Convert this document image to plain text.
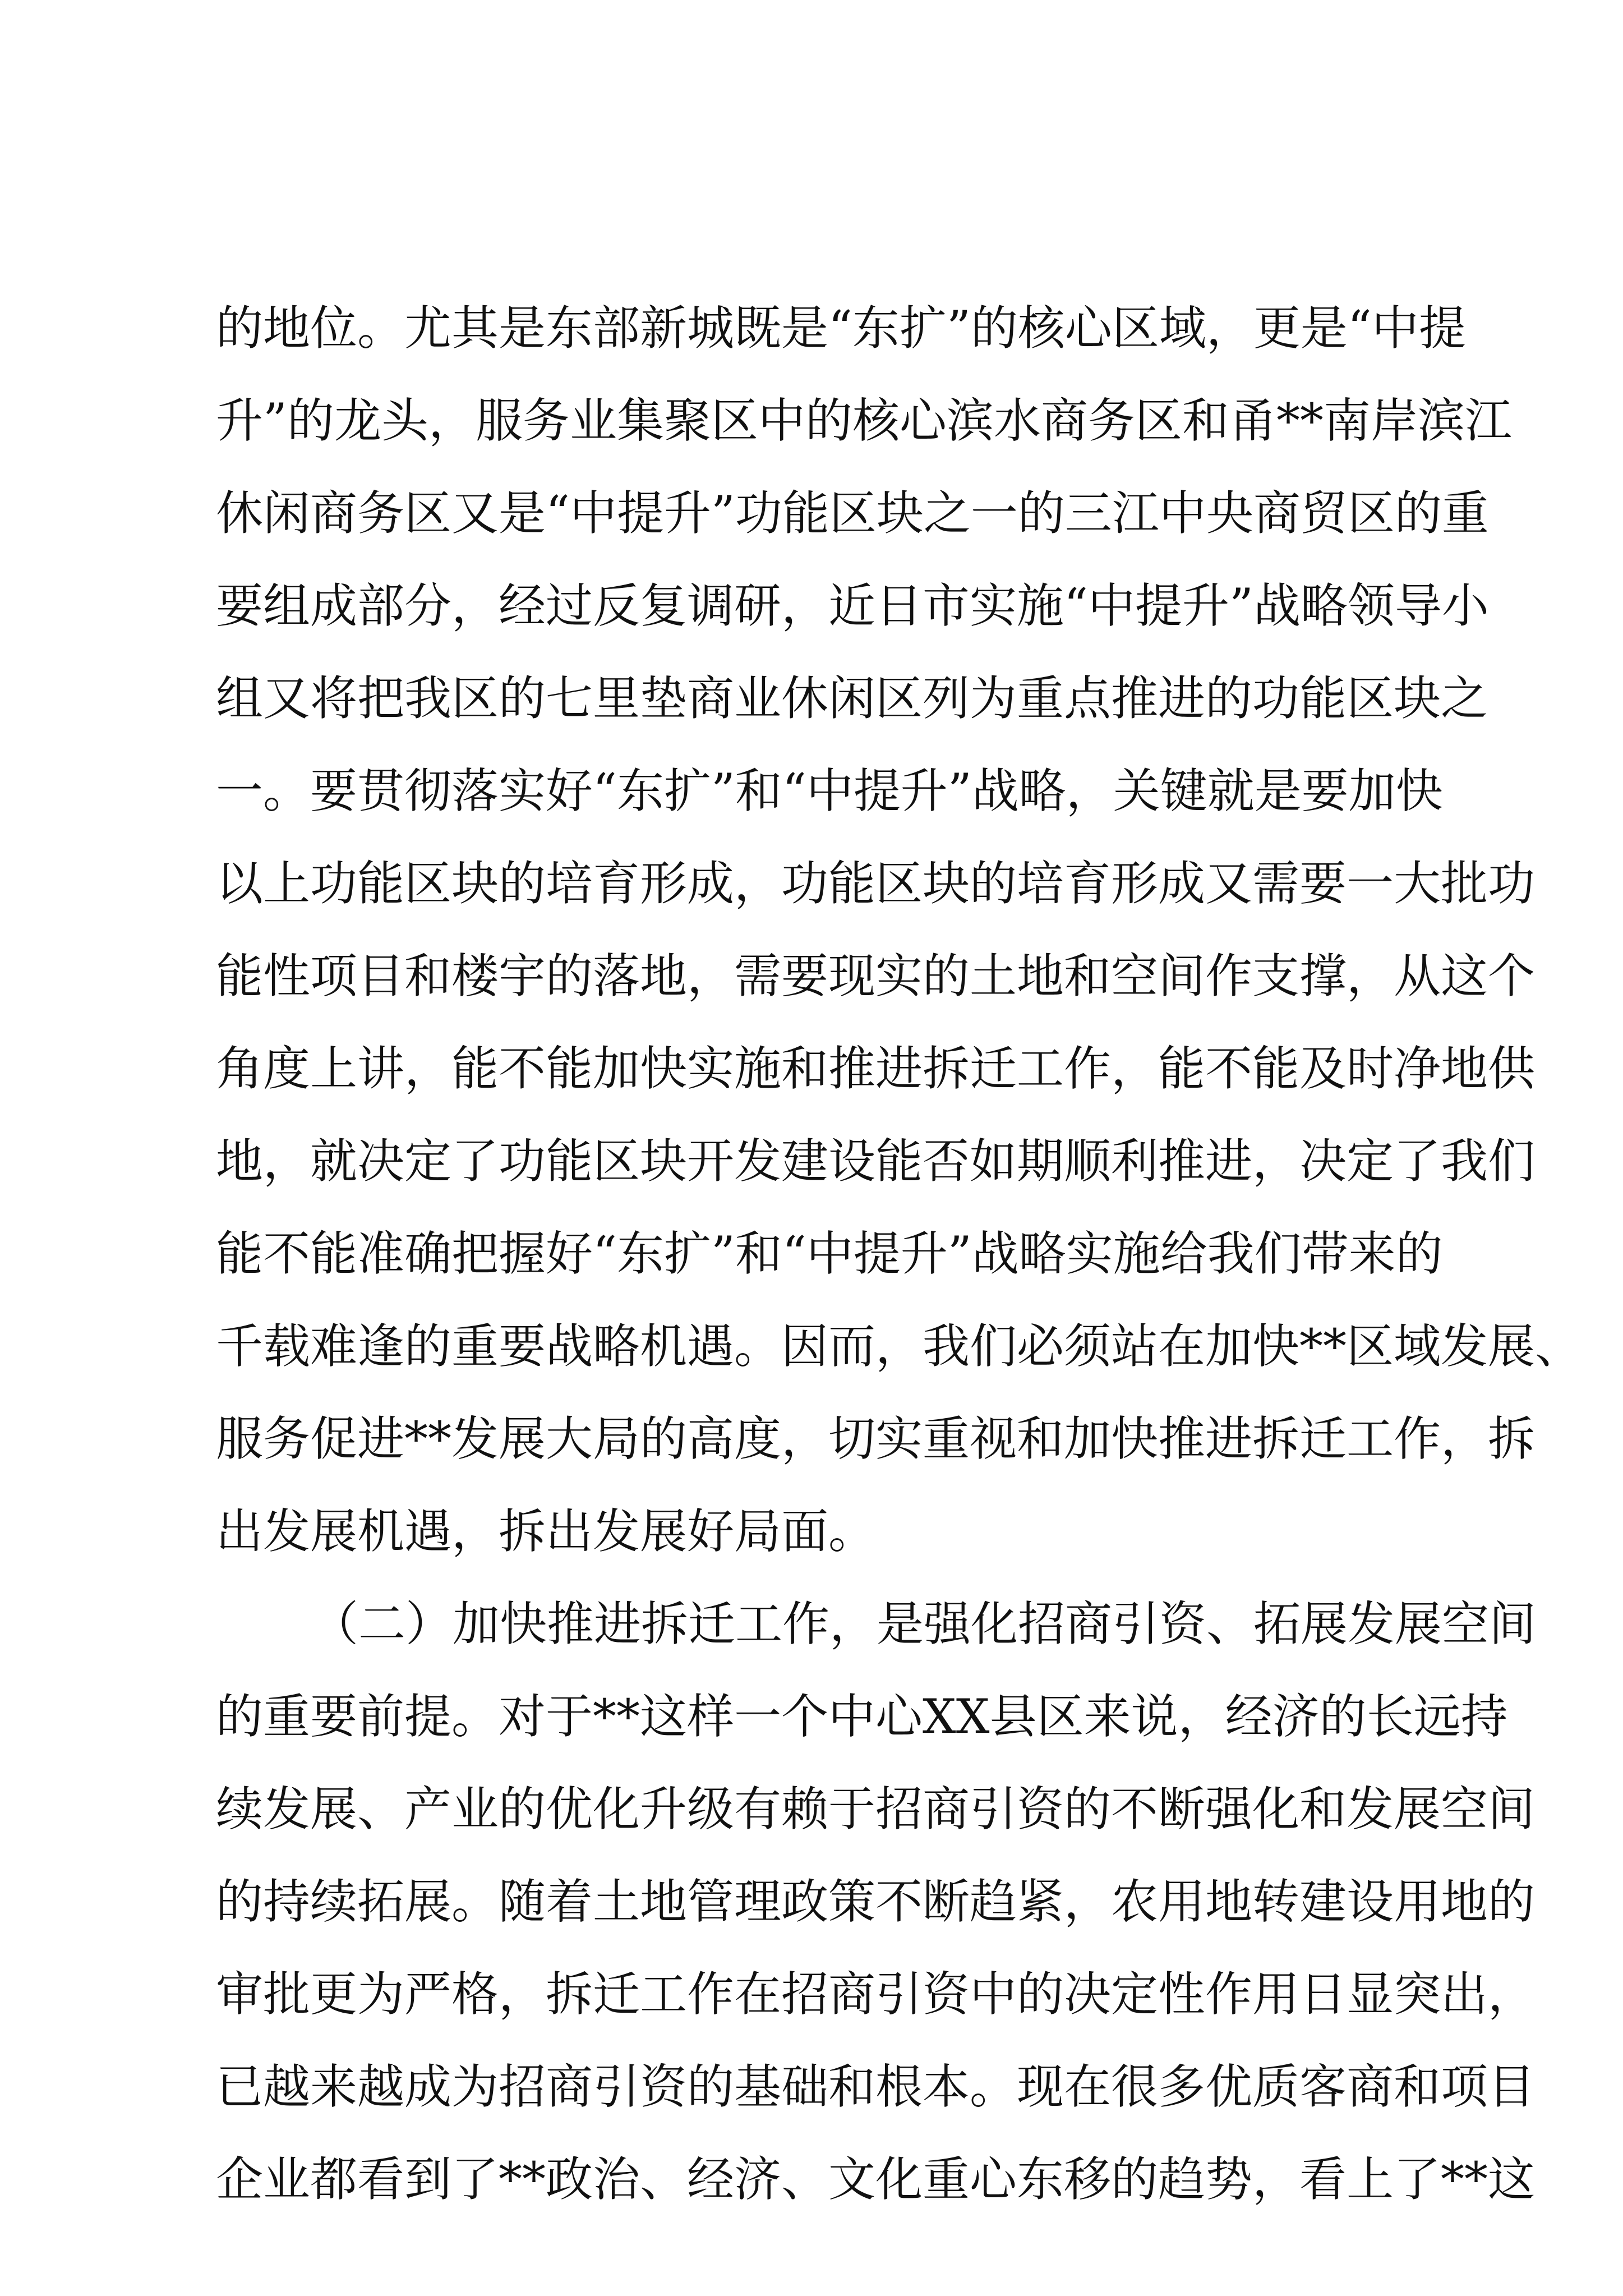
的地位。尤其是东部新城既是“东扩”的核心区域，更是“中提
升”的龙头，服务业集聚区中的核心滨水商务区和甬**南岸滨江
休闲商务区又是“中提升”功能区块之一的三江中央商贸区的重
要组成部分，经过反复调研，近日市实施“中提升”战略领导小
组又将把我区的七里垫商业休闲区列为重点推进的功能区块之
一。要贯彻落实好“东扩”和“中提升”战略，关键就是要加快
以上功能区块的培育形成，功能区块的培育形成又需要一大批功
能性项目和楼宇的落地，需要现实的土地和空间作支撑，从这个
角度上讲，能不能加快实施和推进拆迁工作，能不能及时净地供
地，就决定了功能区块开发建设能否如期顺利推进，决定了我们
能不能准确把握好“东扩”和“中提升”战略实施给我们带来的
千载难逢的重要战略机遇。因而，我们必须站在加快**区域发展、
服务促进**发展大局的高度，切实重视和加快推进拆迁工作，拆
出发展机遇，拆出发展好局面。
（二）加快推进拆迁工作，是强化招商引资、拓展发展空间
的重要前提。对于**这样一个中心XX县区来说，经济的长远持
续发展、产业的优化升级有赖于招商引资的不断强化和发展空间
的持续拓展。随着土地管理政策不断趋紧，农用地转建设用地的
审批更为严格，拆迁工作在招商引资中的决定性作用日显突出，
已越来越成为招商引资的基础和根本。现在很多优质客商和项目
企业都看到了**政治、经济、文化重心东移的趋势，看上了**这
